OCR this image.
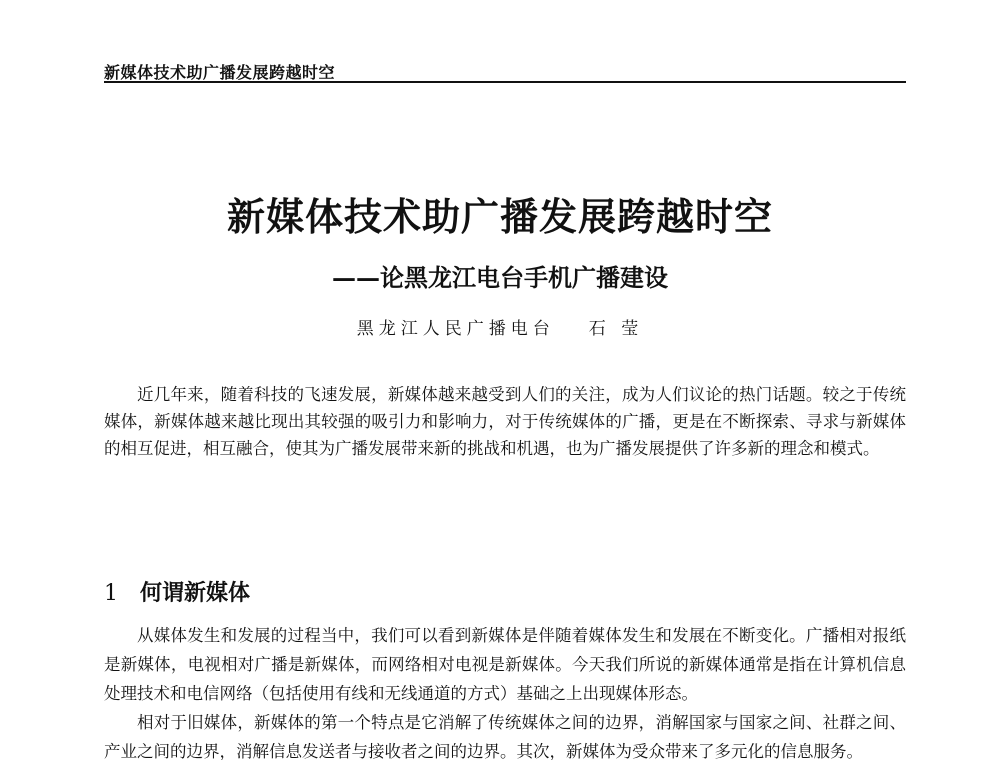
新媒体技术助广播发展跨越时空
新媒体技术助广播发展跨越时空
——论黑龙江电台手机广播建设
黑龙江人民广播电台 石 莹

近几年来，随着科技的飞速发展，新媒体越来越受到人们的关注，成为人们议论的热门话题。较之于传统媒体，新媒体越来越比现出其较强的吸引力和影响力，对于传统媒体的广播，更是在不断探索、寻求与新媒体的相互促进，相互融合，使其为广播发展带来新的挑战和机遇，也为广播发展提供了许多新的理念和模式。

1 何谓新媒体

从媒体发生和发展的过程当中，我们可以看到新媒体是伴随着媒体发生和发展在不断变化。广播相对报纸是新媒体，电视相对广播是新媒体，而网络相对电视是新媒体。今天我们所说的新媒体通常是指在计算机信息处理技术和电信网络（包括使用有线和无线通道的方式）基础之上出现媒体形态。

相对于旧媒体，新媒体的第一个特点是它消解了传统媒体之间的边界，消解国家与国家之间、社群之间、产业之间的边界，消解信息发送者与接收者之间的边界。其次，新媒体为受众带来了多元化的信息服务。
